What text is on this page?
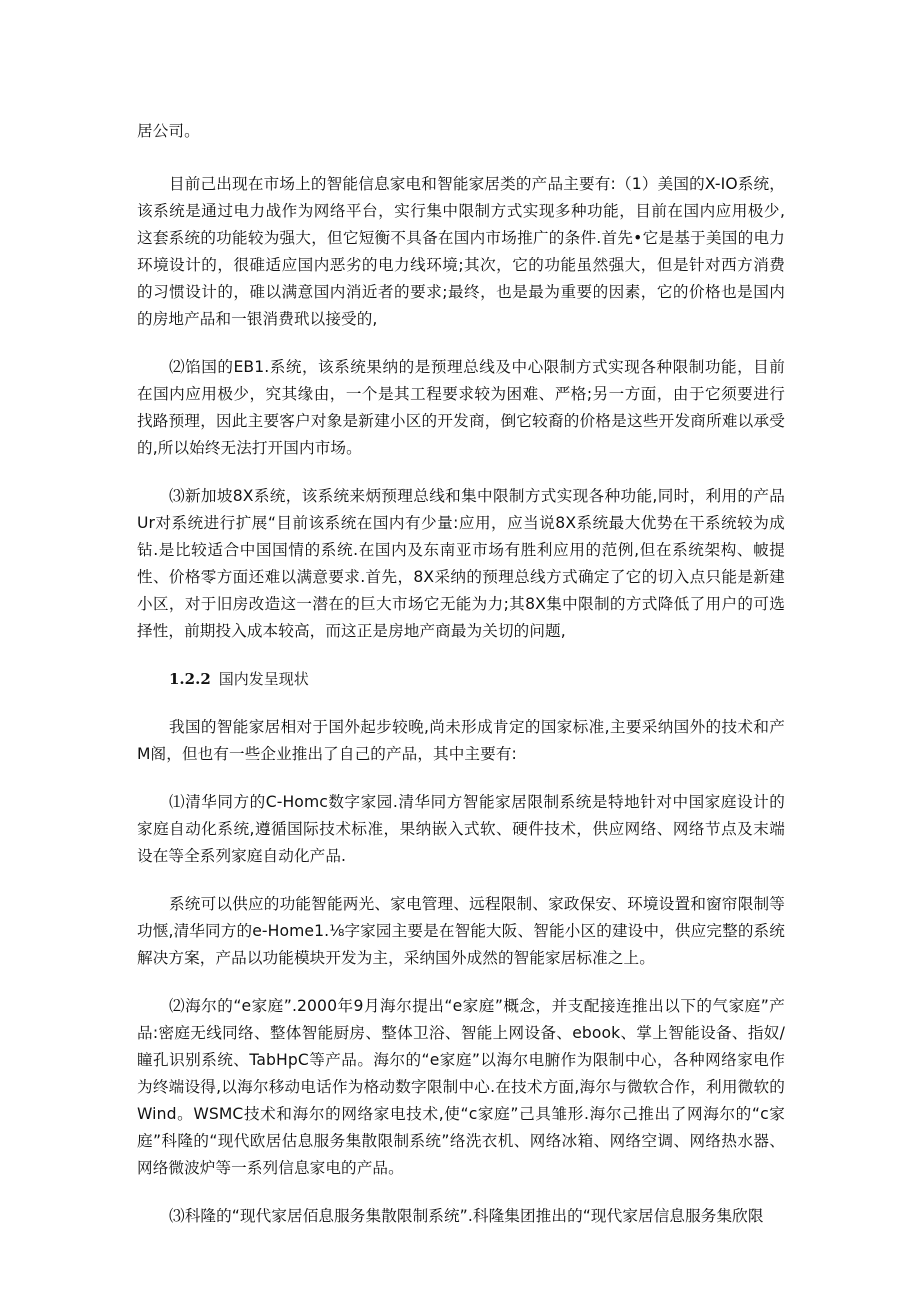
居公司。

目前己出现在市场上的智能信息家电和智能家居类的产品主要有:（1）美国的X-IO系统，该系统是通过电力战作为网络平台，实行集中限制方式实现多种功能，目前在国内应用极少,这套系统的功能较为强大，但它短衡不具备在国内市场推广的条件.首先•它是基于美国的电力环境设计的，很碓适应国内恶劣的电力线环境;其次，它的功能虽然强大，但是针对西方消费的习惯设计的，碓以满意国内消近者的要求;最终，也是最为重要的因素，它的价格也是国内的房地产品和一银消费玳以接受的,

⑵馅国的EB1.系统，该系统果纳的是预理总线及中心限制方式实现各种限制功能，目前在国内应用极少，究其缘由，一个是其工程要求较为困难、严格;另一方面，由于它须要进行找路预理，因此主要客户对象是新建小区的开发商，倒它较裔的价格是这些开发商所难以承受的,所以始终无法打开国内市场。

⑶新加坡8X系统，该系统来炳预理总线和集中限制方式实现各种功能,同时，利用的产品Ur对系统进行扩展“目前该系统在国内有少量:应用，应当说8X系统最大优势在干系统较为成钻.是比较适合中国国情的系统.在国内及东南亚市场有胜利应用的范例,但在系统架构、帔提性、价格零方面还难以满意要求.首先，8X采纳的预理总线方式确定了它的切入点只能是新建小区，对于旧房改造这一潜在的巨大市场它无能为力;其8X集中限制的方式降低了用户的可选择性，前期投入成本较高，而这正是房地产商最为关切的问题,

1.2.2 国内发呈现状

我国的智能家居相对于国外起步较晚,尚未形成肯定的国家标准,主要采纳国外的技术和产M阁，但也有一些企业推出了自己的产品，其中主要有:

⑴清华同方的C-Homc数字家园.清华同方智能家居限制系统是特地针对中国家庭设计的家庭自动化系统,遵循国际技术标准，果纳嵌入式软、硬件技术，供应网络、网络节点及末端设在等全系列家庭自动化产品.

系统可以供应的功能智能两光、家电管理、远程限制、家政保安、环境设置和窗帘限制等功惬,清华同方的e-Home1.⅛字家园主要是在智能大阪、智能小区的建设中，供应完整的系统解决方案，产品以功能模块开发为主，采纳国外成然的智能家居标准之上。

⑵海尔的“e家庭”.2000年9月海尔提出“e家庭”概念，并支配接连推出以下的气家庭”产品:密庭无线同络、整体智能厨房、整体卫浴、智能上网设备、ebook、掌上智能设备、指奴/瞳孔识别系统、TabHpC等产品。海尔的“e家庭”以海尔电腑作为限制中心，各种网络家电作为终端设得,以海尔移动电话作为格动数字限制中心.在技术方面,海尔与微软合作，利用微软的Wind。WSMC技术和海尔的网络家电技术,使“c家庭”己具雏形.海尔己推出了网海尔的“c家庭”科隆的“现代欧居估息服务集散限制系统”络洗衣机、网络冰箱、网络空调、网络热水器、网络微波炉等一系列信息家电的产品。

⑶科隆的“现代家居佰息服务集散限制系统”.科隆集团推出的“现代家居信息服务集欣限
